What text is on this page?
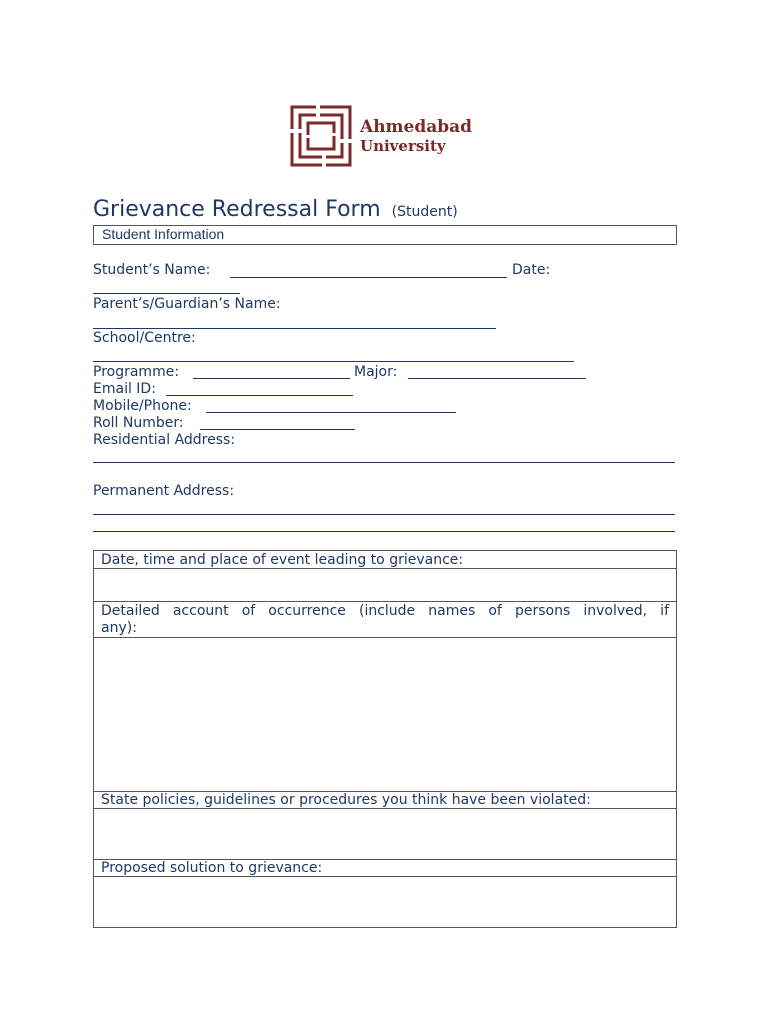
Ahmedabad
University
Grievance Redressal Form (Student)
Student Information
Student’s Name:	Date:
Parent’s/Guardian’s Name:
School/Centre:
Programme:	Major:
Email ID:
Mobile/Phone:
Roll Number:
Residential Address:
Permanent Address:
Date, time and place of event leading to grievance:
Detailed account of occurrence (include names of persons involved, if
any):
State policies, guidelines or procedures you think have been violated:
Proposed solution to grievance:
